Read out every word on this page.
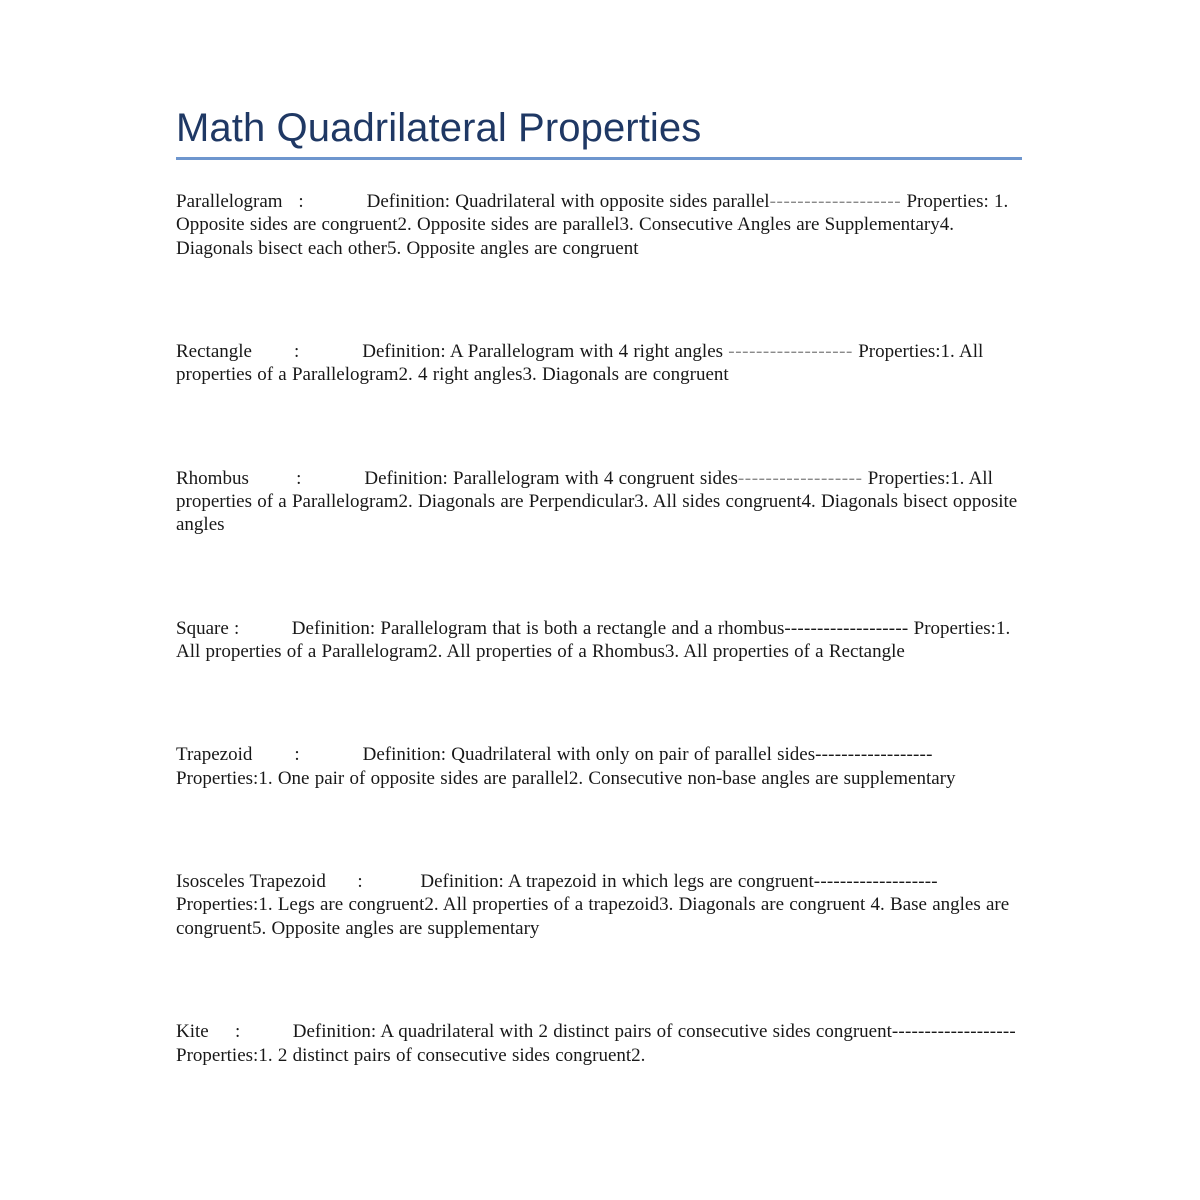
Math Quadrilateral Properties

Parallelogram :	Definition: Quadrilateral with opposite sides parallel------------------- Properties: 1. Opposite sides are congruent2. Opposite sides are parallel3. Consecutive Angles are Supplementary4. Diagonals bisect each other5. Opposite angles are congruent

Rectangle :	Definition: A Parallelogram with 4 right angles ------------------ Properties:1. All properties of a Parallelogram2. 4 right angles3. Diagonals are congruent

Rhombus :	Definition: Parallelogram with 4 congruent sides------------------ Properties:1. All properties of a Parallelogram2. Diagonals are Perpendicular3. All sides congruent4. Diagonals bisect opposite angles

Square :	Definition: Parallelogram that is both a rectangle and a rhombus------------------- Properties:1. All properties of a Parallelogram2. All properties of a Rhombus3. All properties of a Rectangle

Trapezoid :	Definition: Quadrilateral with only on pair of parallel sides------------------ Properties:1. One pair of opposite sides are parallel2. Consecutive non-base angles are supplementary

Isosceles Trapezoid :	Definition: A trapezoid in which legs are congruent------------------- Properties:1. Legs are congruent2. All properties of a trapezoid3. Diagonals are congruent 4. Base angles are congruent5. Opposite angles are supplementary

Kite :	Definition: A quadrilateral with 2 distinct pairs of consecutive sides congruent------------------- Properties:1. 2 distinct pairs of consecutive sides congruent2.
